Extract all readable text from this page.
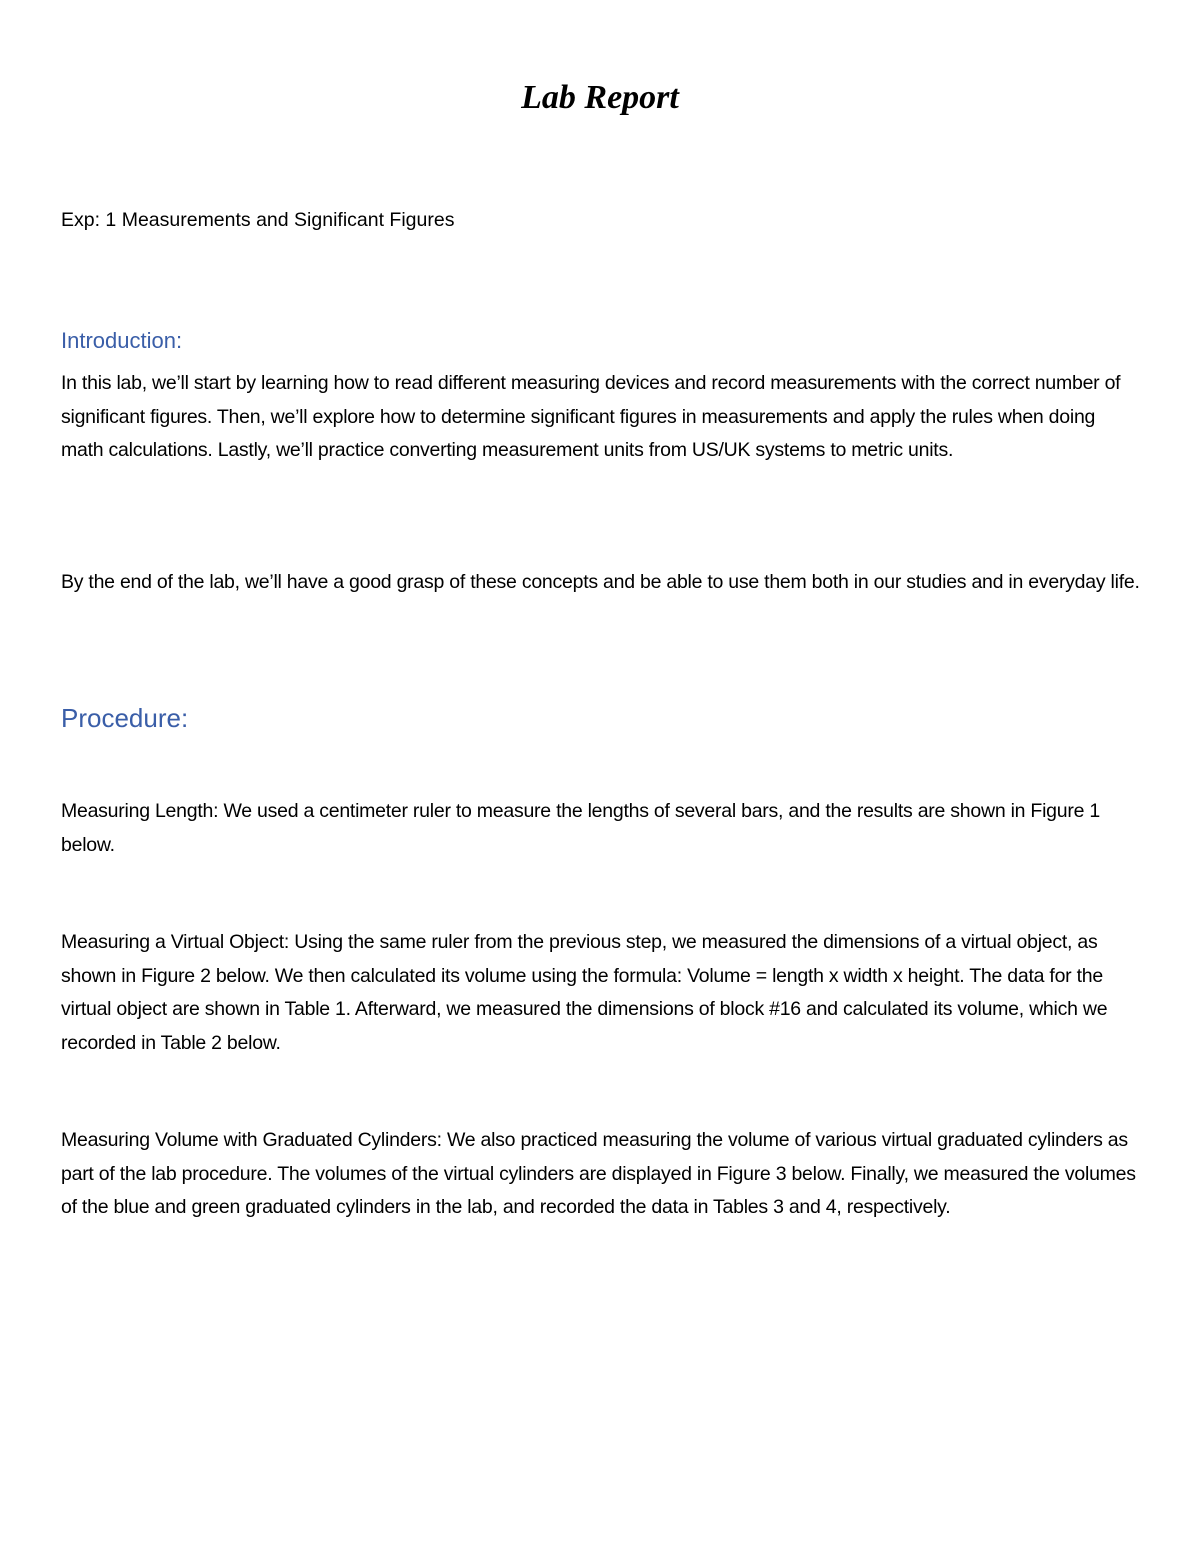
Lab Report

Exp: 1 Measurements and Significant Figures

Introduction:

In this lab, we’ll start by learning how to read different measuring devices and record measurements with the correct number of significant figures. Then, we’ll explore how to determine significant figures in measurements and apply the rules when doing math calculations. Lastly, we’ll practice converting measurement units from US/UK systems to metric units.

By the end of the lab, we’ll have a good grasp of these concepts and be able to use them both in our studies and in everyday life.

Procedure:

Measuring Length: We used a centimeter ruler to measure the lengths of several bars, and the results are shown in Figure 1 below.

Measuring a Virtual Object: Using the same ruler from the previous step, we measured the dimensions of a virtual object, as shown in Figure 2 below. We then calculated its volume using the formula: Volume = length x width x height. The data for the virtual object are shown in Table 1. Afterward, we measured the dimensions of block #16 and calculated its volume, which we recorded in Table 2 below.

Measuring Volume with Graduated Cylinders: We also practiced measuring the volume of various virtual graduated cylinders as part of the lab procedure. The volumes of the virtual cylinders are displayed in Figure 3 below. Finally, we measured the volumes of the blue and green graduated cylinders in the lab, and recorded the data in Tables 3 and 4, respectively.
